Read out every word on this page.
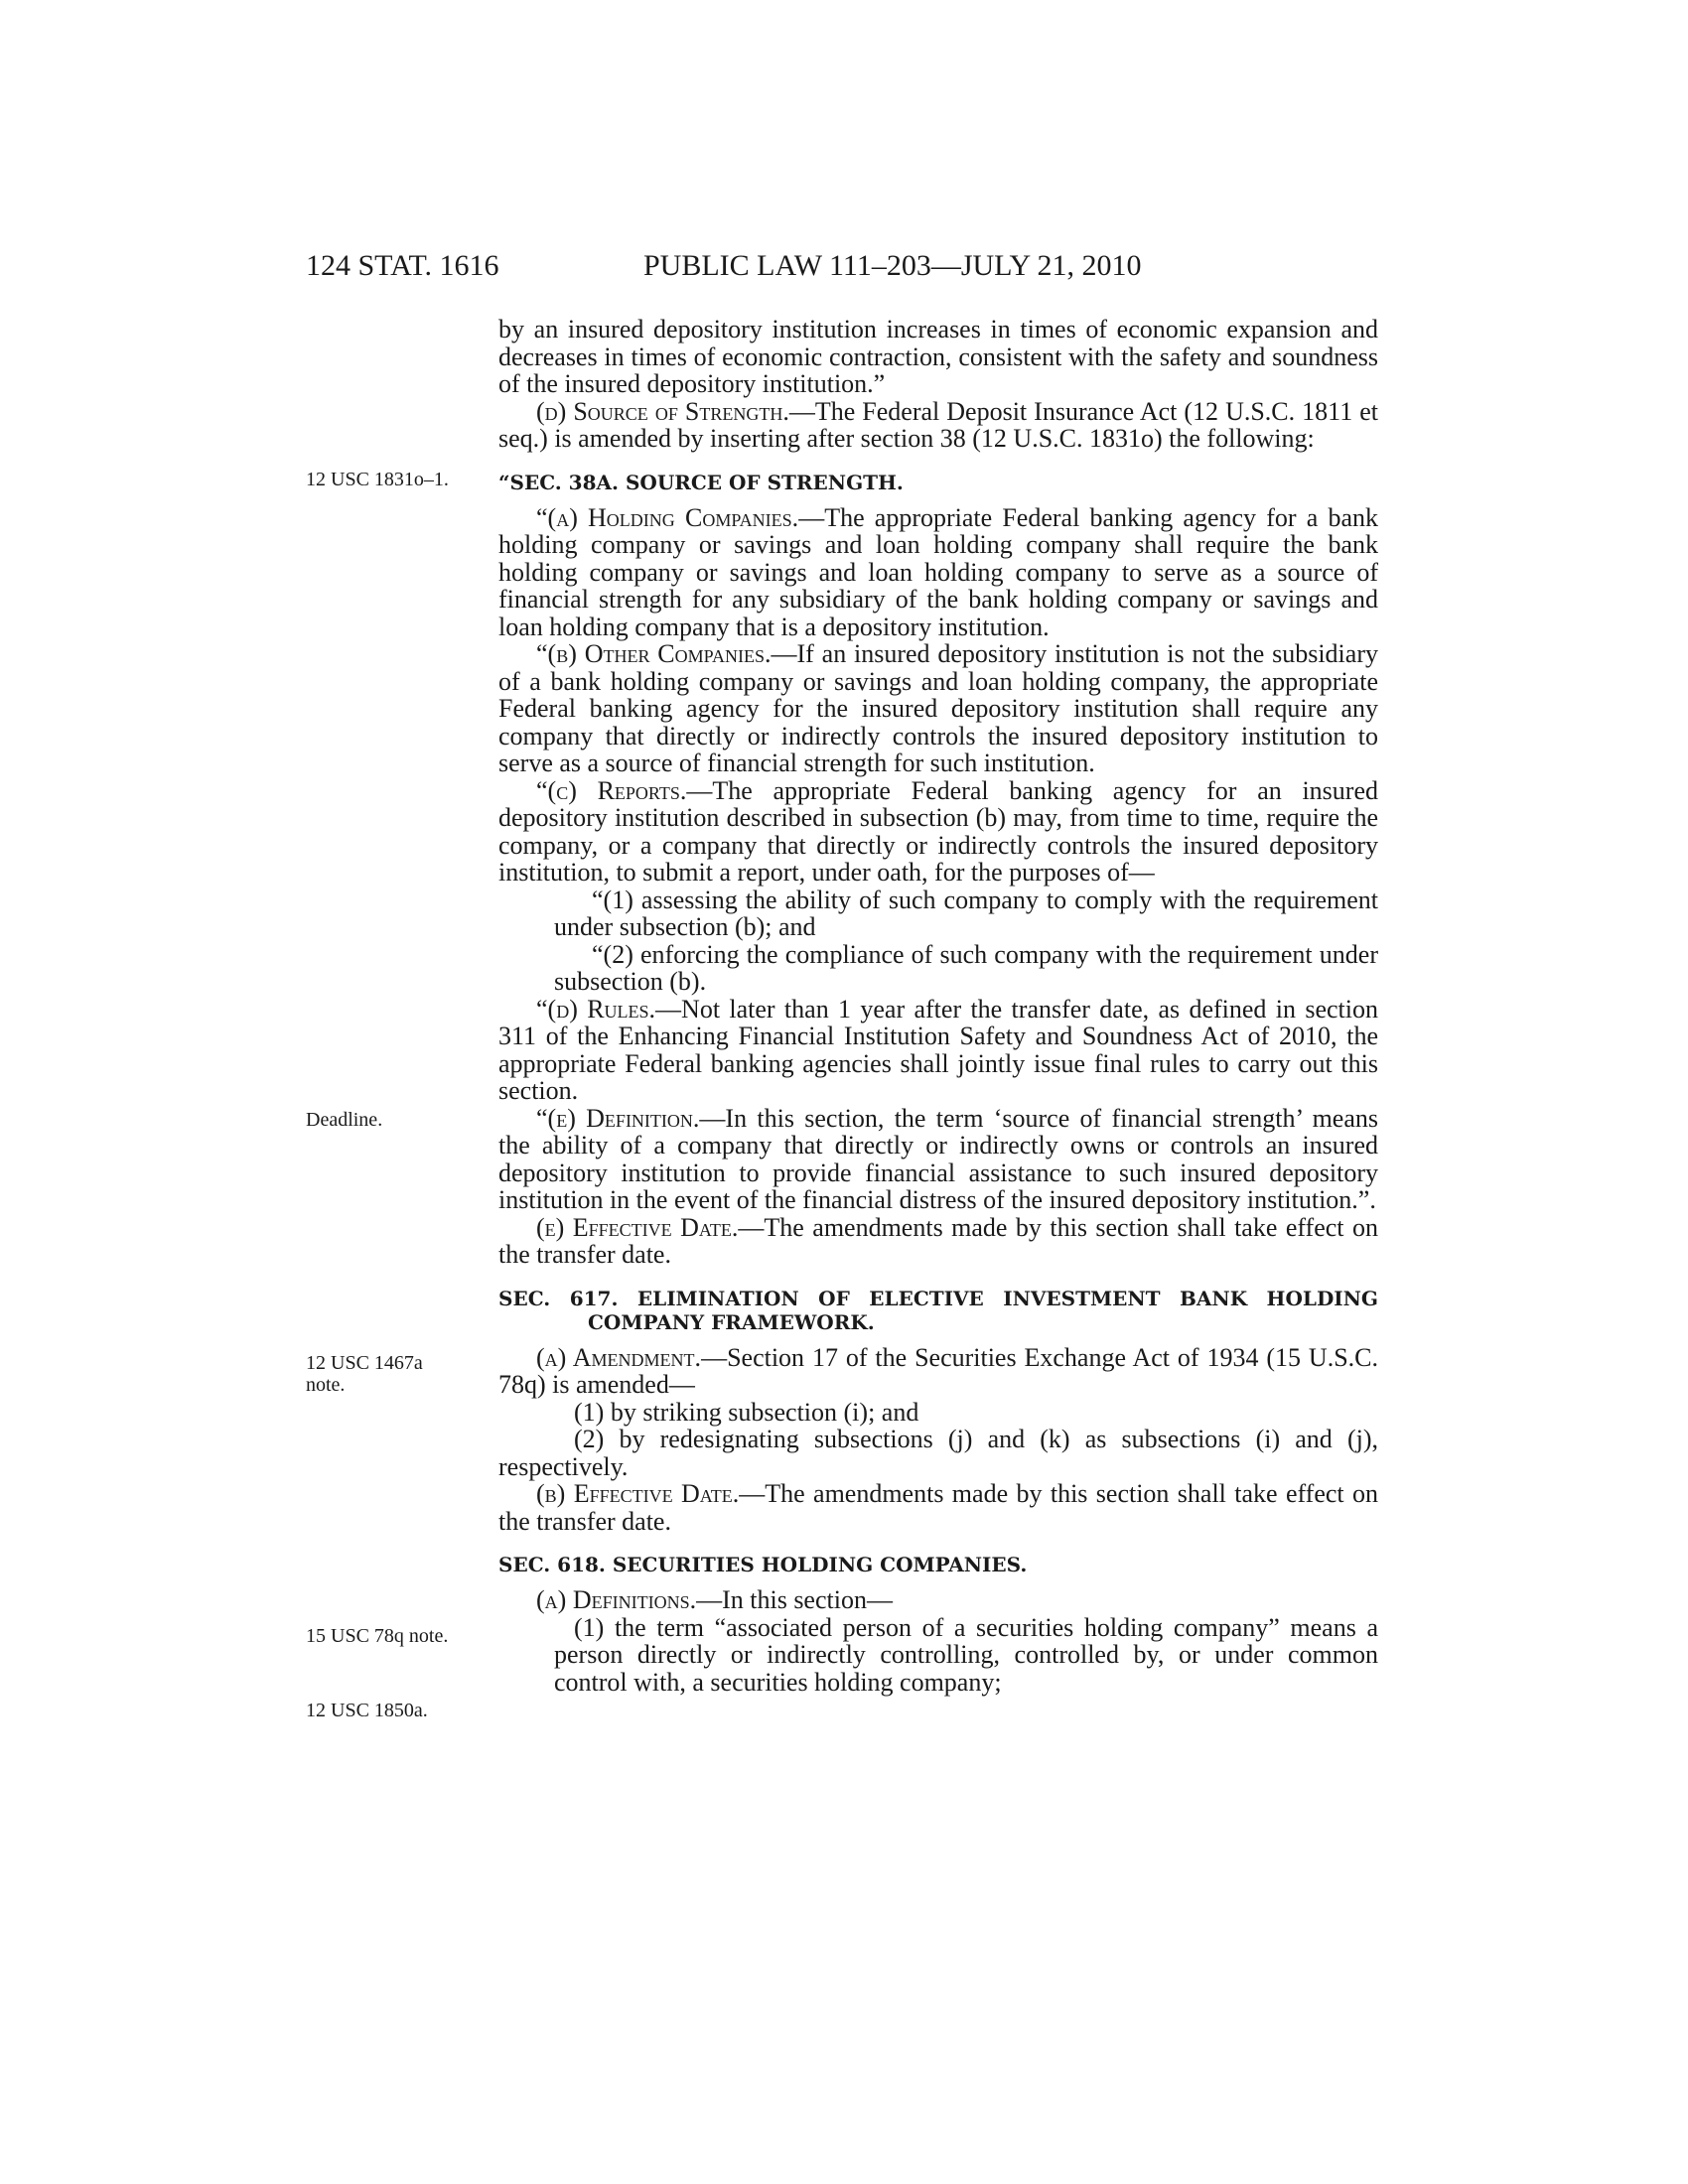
124 STAT. 1616	PUBLIC LAW 111–203—JULY 21, 2010
12 USC 1831o–1.
Deadline.
12 USC 1467a
note.
15 USC 78q note.
12 USC 1850a.

by an insured depository institution increases in times of economic expansion and decreases in times of economic contraction, consistent with the safety and soundness of the insured depository institution.”

(d) Source of Strength.—The Federal Deposit Insurance Act (12 U.S.C. 1811 et seq.) is amended by inserting after section 38 (12 U.S.C. 1831o) the following:

“SEC. 38A. SOURCE OF STRENGTH.

“(a) Holding Companies.—The appropriate Federal banking agency for a bank holding company or savings and loan holding company shall require the bank holding company or savings and loan holding company to serve as a source of financial strength for any subsidiary of the bank holding company or savings and loan holding company that is a depository institution.

“(b) Other Companies.—If an insured depository institution is not the subsidiary of a bank holding company or savings and loan holding company, the appropriate Federal banking agency for the insured depository institution shall require any company that directly or indirectly controls the insured depository institution to serve as a source of financial strength for such institution.

“(c) Reports.—The appropriate Federal banking agency for an insured depository institution described in subsection (b) may, from time to time, require the company, or a company that directly or indirectly controls the insured depository institution, to submit a report, under oath, for the purposes of—

“(1) assessing the ability of such company to comply with the requirement under subsection (b); and

“(2) enforcing the compliance of such company with the requirement under subsection (b).

“(d) Rules.—Not later than 1 year after the transfer date, as defined in section 311 of the Enhancing Financial Institution Safety and Soundness Act of 2010, the appropriate Federal banking agencies shall jointly issue final rules to carry out this section.

“(e) Definition.—In this section, the term ‘source of financial strength’ means the ability of a company that directly or indirectly owns or controls an insured depository institution to provide financial assistance to such insured depository institution in the event of the financial distress of the insured depository institution.”.

(e) Effective Date.—The amendments made by this section shall take effect on the transfer date.

SEC. 617. ELIMINATION OF ELECTIVE INVESTMENT BANK HOLDING
COMPANY FRAMEWORK.

(a) Amendment.—Section 17 of the Securities Exchange Act of 1934 (15 U.S.C. 78q) is amended—

(1) by striking subsection (i); and

(2) by redesignating subsections (j) and (k) as subsections (i) and (j), respectively.

(b) Effective Date.—The amendments made by this section shall take effect on the transfer date.

SEC. 618. SECURITIES HOLDING COMPANIES.

(a) Definitions.—In this section—

(1) the term “associated person of a securities holding company” means a person directly or indirectly controlling, controlled by, or under common control with, a securities holding company;
